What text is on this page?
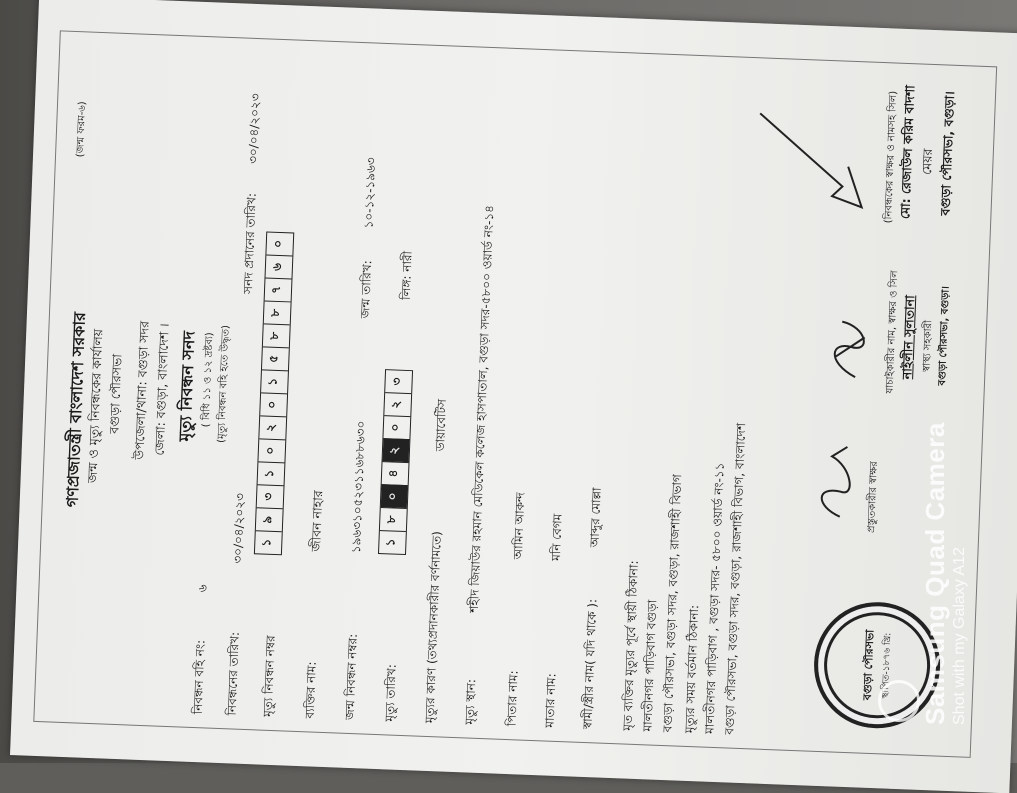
গণপ্রজাতন্ত্রী বাংলাদেশ সরকার
(জন্ম ফরম-৬)
জন্ম ও মৃত্যু নিবন্ধকের কার্যালয় বগুড়া পৌরসভা উপজেলা/থানা: বগুড়া সদর জেলা: বগুড়া, বাংলাদেশ । মৃত্যু নিবন্ধন সনদ ( বিধি ১১ ও ১২ দ্রষ্টব্য) (মৃত্যু নিবন্ধন বহি হতে উদ্ধৃত)
নিবন্ধন বহি নং:
৬
নিবন্ধনের তারিখ:
৩০/০৪/২০২৩
সনদ প্রদানের তারিখ:
৩০/০৪/২০২৩
মৃত্যু নিবন্ধন নম্বর
১
৯
৩
১
০
২
০
১
৫
৮
৮
৭
৬
০
ব্যক্তির নাম:
জীবন নাহার
জন্ম নিবন্ধন নম্বর:
১৯৬৩১০৫২৩১১৬৮৮৬৩০
জন্ম তারিখ:
১০-১২-১৯৬৩
মৃত্যু তারিখ:
১
৮
০
৪
২
০
২
৩
লিঙ্গ: নারী
মৃত্যুর কারণ (তথ্যপ্রদানকারীর বর্ণনামতে)
ডায়াবেটিস
মৃত্যু স্থান:
শহীদ জিয়াউর রহমান মেডিকেল কলেজ হাসপাতাল, বগুড়া সদর-৫৮০০ ওয়ার্ড নং-১৪
পিতার নাম:
আমিন আকন্দ
মাতার নাম:
মনি বেগম
স্বামী/স্ত্রীর নাম( যদি থাকে ):
আব্দুর মোল্লা
মৃত ব্যক্তির মৃত্যুর পূর্বে স্থায়ী ঠিকানা: মালতীনগর পাড়িবাগ বগুড়া বগুড়া পৌরসভা, বগুড়া সদর, বগুড়া, রাজশাহী বিভাগ
মৃত্যুর সময় বর্তমান ঠিকানা: মালতীনগর পাড়িবাগ , বগুড়া সদর- ৫৮০০ ওয়ার্ড নং-১১
বগুড়া পৌরসভা, বগুড়া সদর, বগুড়া, রাজশাহী বিভাগ, বাংলাদেশ	বগুড়া পৌরসভা স্থাপিত-১৮৭৬ খ্রি:
প্রস্তুতকারীর স্বাক্ষর
যাচাইকারীর নাম, স্বাক্ষর ও সিল
নাইলীন সুলতানা স্বাস্থ্য সহকারী বগুড়া পৌরসভা, বগুড়া।
(নিবন্ধকের স্বাক্ষর ও নামসহ সিল)
মো: রেজাউল করিম বাদশা মেয়র বগুড়া পৌরসভা, বগুড়া।
Samsung Quad Camera Shot with my Galaxy A12
